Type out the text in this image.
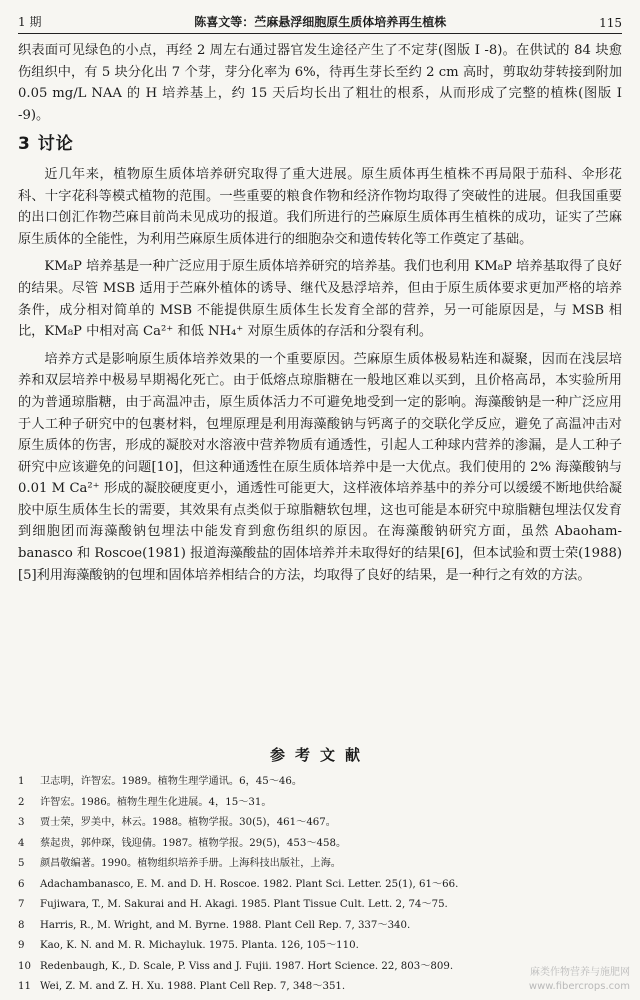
1 期	陈喜文等：苎麻悬浮细胞原生质体培养再生植株	115

织表面可见绿色的小点，再经 2 周左右通过器官发生途径产生了不定芽(图版 I -8)。在供试的 84 块愈伤组织中，有 5 块分化出 7 个芽，芽分化率为 6%，待再生芽长至约 2 cm 高时，剪取幼芽转接到附加 0.05 mg/L NAA 的 H 培养基上，约 15 天后均长出了粗壮的根系，从而形成了完整的植株(图版 I -9)。

3 讨论

近几年来，植物原生质体培养研究取得了重大进展。原生质体再生植株不再局限于茄科、伞形花科、十字花科等模式植物的范围。一些重要的粮食作物和经济作物均取得了突破性的进展。但我国重要的出口创汇作物苎麻目前尚未见成功的报道。我们所进行的苎麻原生质体再生植株的成功，证实了苎麻原生质体的全能性，为利用苎麻原生质体进行的细胞杂交和遗传转化等工作奠定了基础。

KM₈P 培养基是一种广泛应用于原生质体培养研究的培养基。我们也利用 KM₈P 培养基取得了良好的结果。尽管 MSB 适用于苎麻外植体的诱导、继代及悬浮培养，但由于原生质体要求更加严格的培养条件，成分相对简单的 MSB 不能提供原生质体生长发育全部的营养，另一可能原因是，与 MSB 相比，KM₈P 中相对高 Ca²⁺ 和低 NH₄⁺ 对原生质体的存活和分裂有利。

培养方式是影响原生质体培养效果的一个重要原因。苎麻原生质体极易粘连和凝聚，因而在浅层培养和双层培养中极易早期褐化死亡。由于低熔点琼脂糖在一般地区难以买到，且价格高昂，本实验所用的为普通琼脂糖，由于高温冲击，原生质体活力不可避免地受到一定的影响。海藻酸钠是一种广泛应用于人工种子研究中的包裹材料，包埋原理是利用海藻酸钠与钙离子的交联化学反应，避免了高温冲击对原生质体的伤害，形成的凝胶对水溶液中营养物质有通透性，引起人工种球内营养的渗漏，是人工种子研究中应该避免的问题[10]，但这种通透性在原生质体培养中是一大优点。我们使用的 2% 海藻酸钠与 0.01 M Ca²⁺ 形成的凝胶硬度更小，通透性可能更大，这样液体培养基中的养分可以缓缓不断地供给凝胶中原生质体生长的需要，其效果有点类似于琼脂糖软包埋，这也可能是本研究中琼脂糖包埋法仅发育到细胞团而海藻酸钠包埋法中能发育到愈伤组织的原因。在海藻酸钠研究方面，虽然 Abaoham-banasco 和 Roscoe(1981) 报道海藻酸盐的固体培养并未取得好的结果[6]，但本试验和贾士荣(1988)[5]利用海藻酸钠的包埋和固体培养相结合的方法，均取得了良好的结果，是一种行之有效的方法。

参考文献
1 卫志明，许智宏。1989。植物生理学通讯。6，45～46。
2 许智宏。1986。植物生理生化进展。4，15～31。
3 贾士荣，罗美中，林云。1988。植物学报。30(5)，461～467。
4 蔡起贵，郭仲琛，钱迎倩。1987。植物学报。29(5)，453～458。
5 颜昌敬编著。1990。植物组织培养手册。上海科技出版社，上海。
6 Adachambanasco, E. M. and D. H. Roscoe. 1982. Plant Sci. Letter. 25(1), 61～66.
7 Fujiwara, T., M. Sakurai and H. Akagi. 1985. Plant Tissue Cult. Lett. 2, 74～75.
8 Harris, R., M. Wright, and M. Byrne. 1988. Plant Cell Rep. 7, 337～340.
9 Kao, K. N. and M. R. Michayluk. 1975. Planta. 126, 105～110.
10 Redenbaugh, K., D. Scale, P. Viss and J. Fujii. 1987. Hort Science. 22, 803～809.
11 Wei, Z. M. and Z. H. Xu. 1988. Plant Cell Rep. 7, 348～351.
麻类作物营养与施肥网
www.fibercrops.com
